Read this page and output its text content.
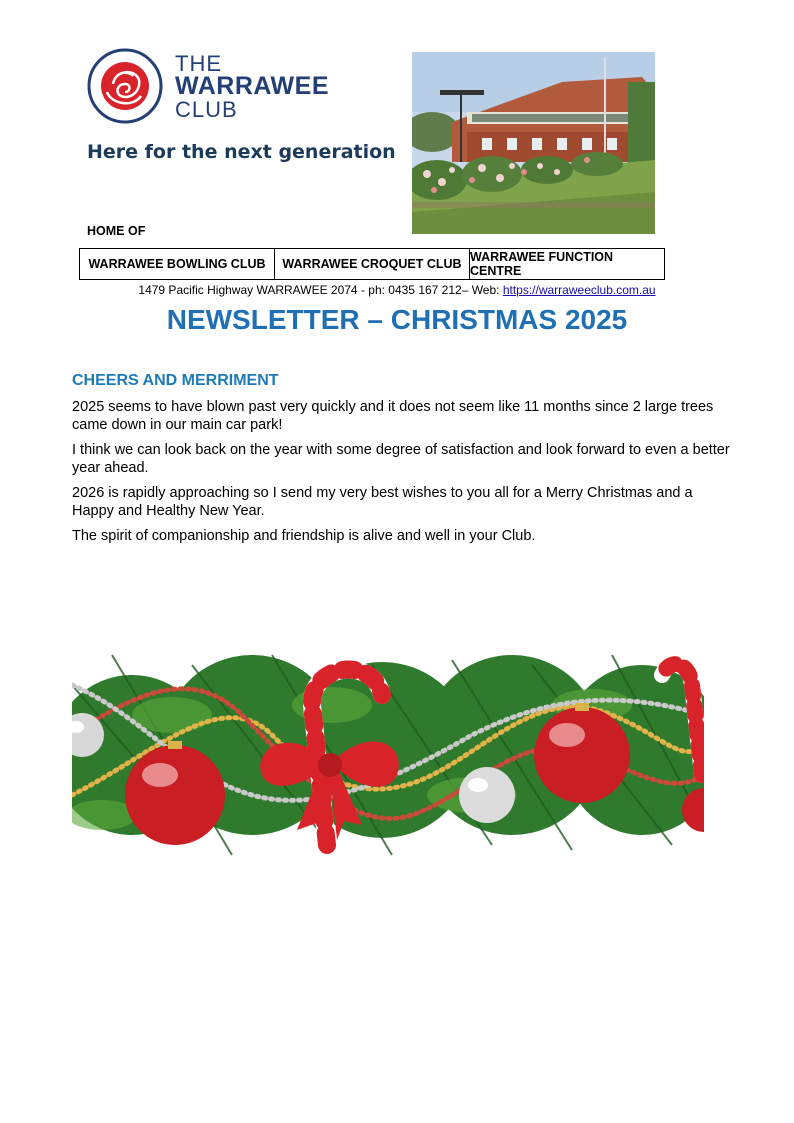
THE
WARRAWEE
CLUB
Here for the next generation
HOME OF
WARRAWEE BOWLING CLUB	WARRAWEE CROQUET CLUB WARRAWEE FUNCTION CENTRE
1479 Pacific Highway WARRAWEE 2074 - ph: 0435 167 212– Web: https://warraweeclub.com.au
NEWSLETTER – CHRISTMAS 2025
CHEERS AND MERRIMENT

2025 seems to have blown past very quickly and it does not seem like 11 months since 2 large trees came down in our main car park!

I think we can look back on the year with some degree of satisfaction and look forward to even a better year ahead.

2026 is rapidly approaching so I send my very best wishes to you all for a Merry Christmas and a Happy and Healthy New Year.

The spirit of companionship and friendship is alive and well in your Club.
